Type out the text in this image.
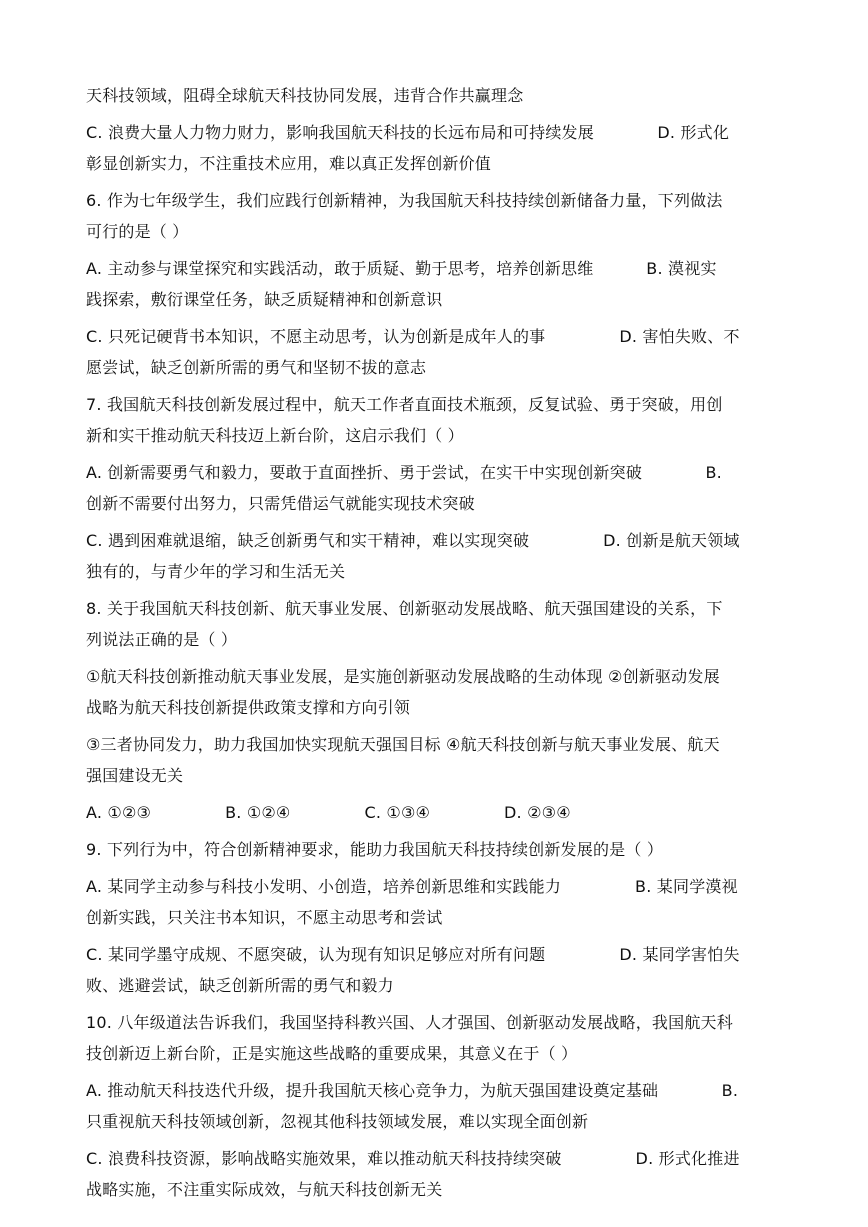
天科技领域，阻碍全球航天科技协同发展，违背合作共赢理念

C. 浪费大量人力物力财力，影响我国航天科技的长远布局和可持续发展            D. 形式化
彰显创新实力，不注重技术应用，难以真正发挥创新价值

6. 作为七年级学生，我们应践行创新精神，为我国航天科技持续创新储备力量，下列做法
可行的是（ ）

A. 主动参与课堂探究和实践活动，敢于质疑、勤于思考，培养创新思维          B. 漠视实
践探索，敷衍课堂任务，缺乏质疑精神和创新意识

C. 只死记硬背书本知识，不愿主动思考，认为创新是成年人的事              D. 害怕失败、不
愿尝试，缺乏创新所需的勇气和坚韧不拔的意志

7. 我国航天科技创新发展过程中，航天工作者直面技术瓶颈，反复试验、勇于突破，用创
新和实干推动航天科技迈上新台阶，这启示我们（ ）

A. 创新需要勇气和毅力，要敢于直面挫折、勇于尝试，在实干中实现创新突破            B.
创新不需要付出努力，只需凭借运气就能实现技术突破

C. 遇到困难就退缩，缺乏创新勇气和实干精神，难以实现突破              D. 创新是航天领域
独有的，与青少年的学习和生活无关

8. 关于我国航天科技创新、航天事业发展、创新驱动发展战略、航天强国建设的关系，下
列说法正确的是（ ）

①航天科技创新推动航天事业发展，是实施创新驱动发展战略的生动体现 ②创新驱动发展
战略为航天科技创新提供政策支撑和方向引领

③三者协同发力，助力我国加快实现航天强国目标 ④航天科技创新与航天事业发展、航天
强国建设无关

A. ①②③              B. ①②④              C. ①③④              D. ②③④

9. 下列行为中，符合创新精神要求，能助力我国航天科技持续创新发展的是（ ）

A. 某同学主动参与科技小发明、小创造，培养创新思维和实践能力              B. 某同学漠视
创新实践，只关注书本知识，不愿主动思考和尝试

C. 某同学墨守成规、不愿突破，认为现有知识足够应对所有问题              D. 某同学害怕失
败、逃避尝试，缺乏创新所需的勇气和毅力

10. 八年级道法告诉我们，我国坚持科教兴国、人才强国、创新驱动发展战略，我国航天科
技创新迈上新台阶，正是实施这些战略的重要成果，其意义在于（ ）

A. 推动航天科技迭代升级，提升我国航天核心竞争力，为航天强国建设奠定基础            B.
只重视航天科技领域创新，忽视其他科技领域发展，难以实现全面创新

C. 浪费科技资源，影响战略实施效果，难以推动航天科技持续突破              D. 形式化推进
战略实施，不注重实际成效，与航天科技创新无关
